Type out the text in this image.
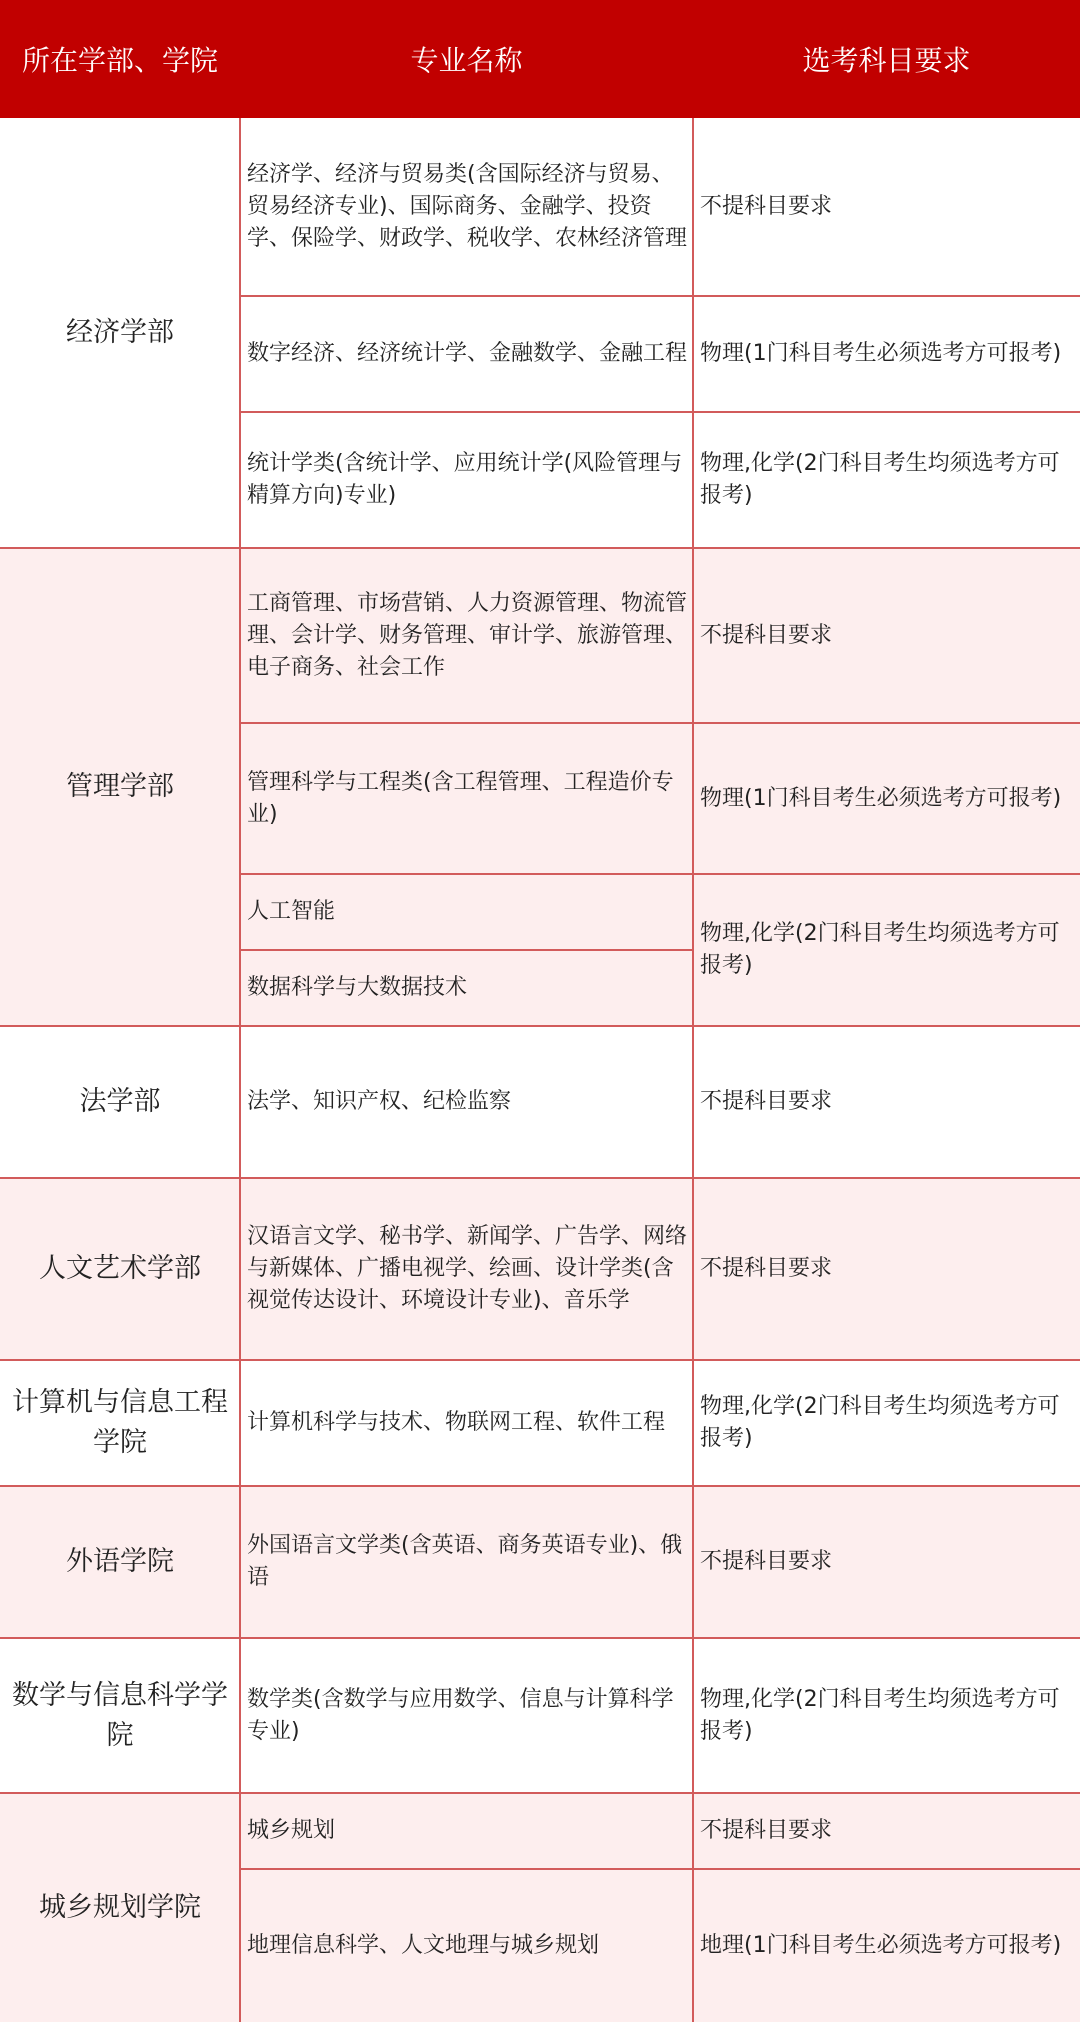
所在学部、学院	专业名称	选考科目要求
经济学部
管理学部
法学部
人文艺术学部
计算机与信息工程学院
外语学院
数学与信息科学学院
城乡规划学院
经济学、经济与贸易类(含国际经济与贸易、贸易经济专业)、国际商务、金融学、投资学、保险学、财政学、税收学、农林经济管理
数字经济、经济统计学、金融数学、金融工程
统计学类(含统计学、应用统计学(风险管理与精算方向)专业)
工商管理、市场营销、人力资源管理、物流管理、会计学、财务管理、审计学、旅游管理、电子商务、社会工作
管理科学与工程类(含工程管理、工程造价专业)
人工智能
数据科学与大数据技术
法学、知识产权、纪检监察
汉语言文学、秘书学、新闻学、广告学、网络与新媒体、广播电视学、绘画、设计学类(含视觉传达设计、环境设计专业)、音乐学
计算机科学与技术、物联网工程、软件工程
外国语言文学类(含英语、商务英语专业)、俄语
数学类(含数学与应用数学、信息与计算科学专业)
城乡规划
地理信息科学、人文地理与城乡规划
不提科目要求
物理(1门科目考生必须选考方可报考)
物理,化学(2门科目考生均须选考方可报考)
不提科目要求
物理(1门科目考生必须选考方可报考)
物理,化学(2门科目考生均须选考方可报考)
不提科目要求
不提科目要求
物理,化学(2门科目考生均须选考方可报考)
不提科目要求
物理,化学(2门科目考生均须选考方可报考)
不提科目要求
地理(1门科目考生必须选考方可报考)
